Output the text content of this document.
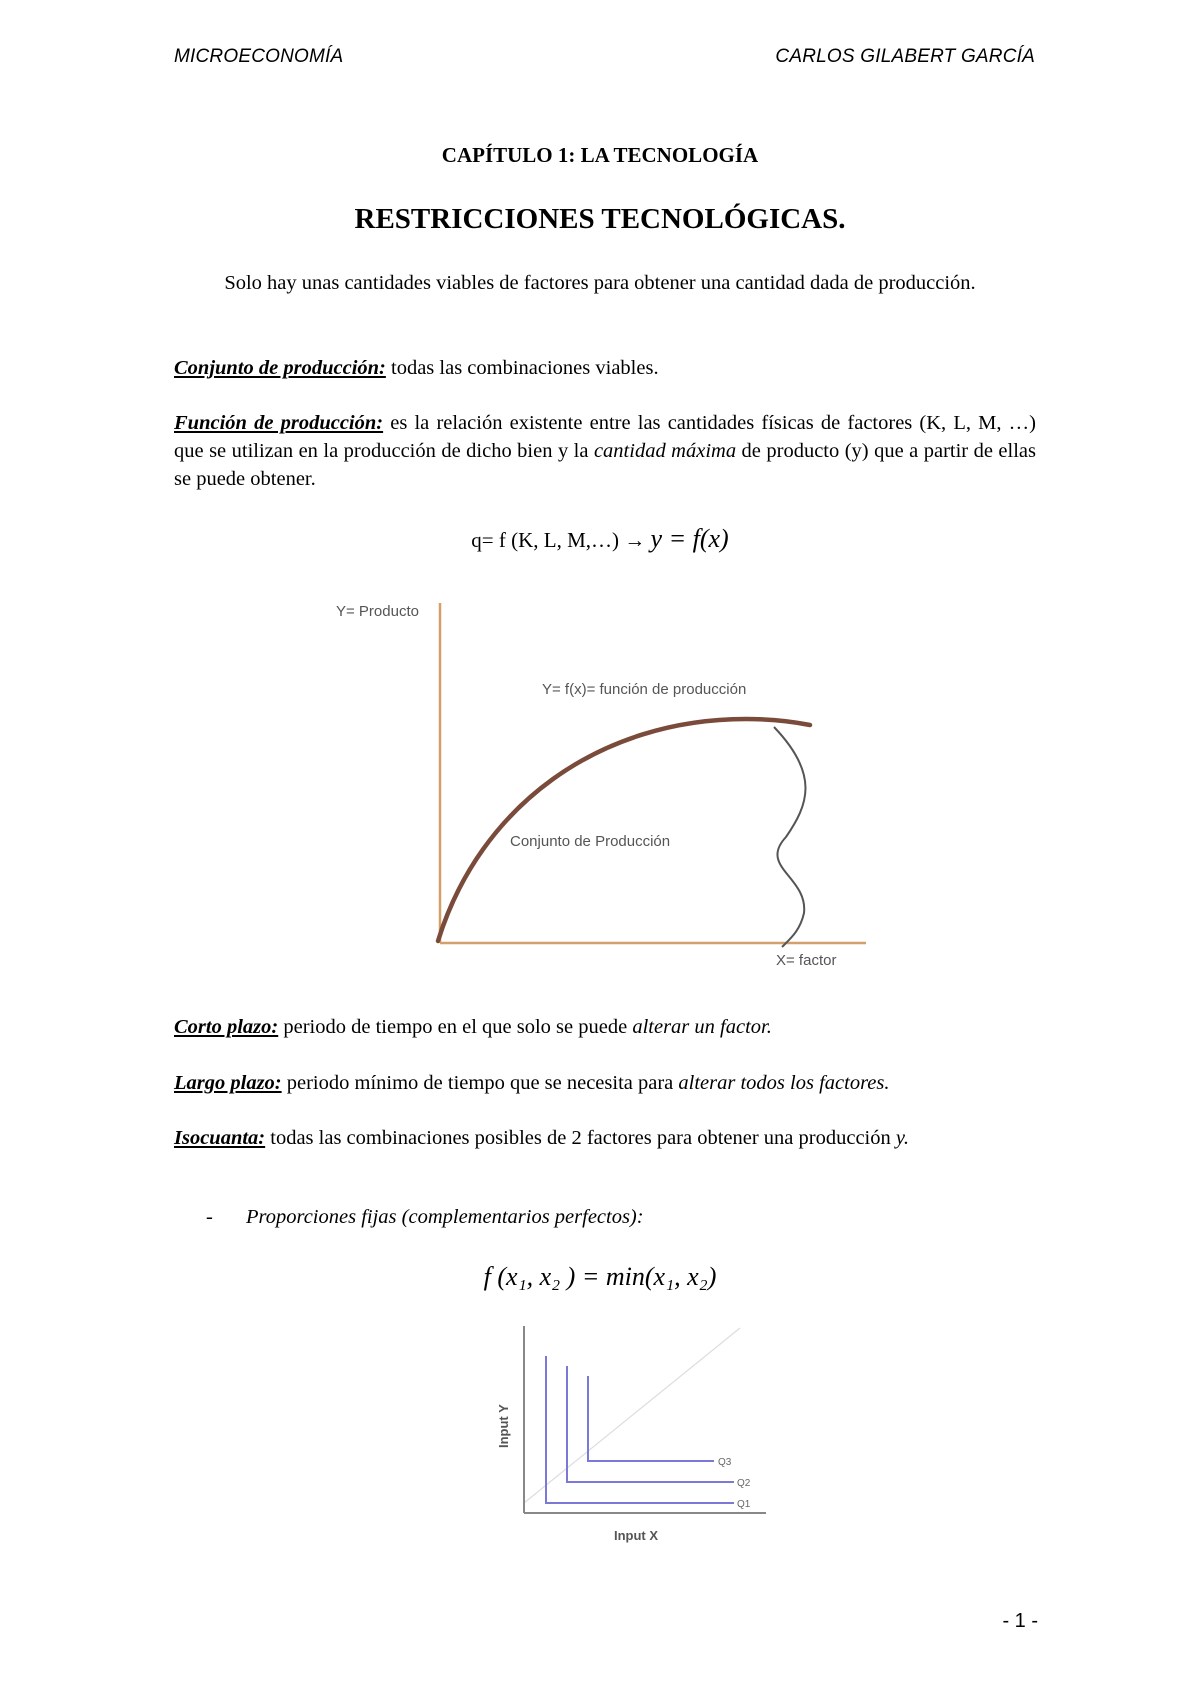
MICROECONOMÍA	CARLOS GILABERT GARCÍA
CAPÍTULO 1: LA TECNOLOGÍA
RESTRICCIONES TECNOLÓGICAS.
Solo hay unas cantidades viables de factores para obtener una cantidad dada de producción.
Conjunto de producción: todas las combinaciones viables.
Función de producción: es la relación existente entre las cantidades físicas de factores (K, L, M, …) que se utilizan en la producción de dicho bien y la cantidad máxima de producto (y) que a partir de ellas se puede obtener.
q= f (K, L, M,…) → y = f(x)
Y= Producto
Y= f(x)= función de producción
Conjunto de Producción
X= factor
Corto plazo: periodo de tiempo en el que solo se puede alterar un factor.
Largo plazo: periodo mínimo de tiempo que se necesita para alterar todos los factores.
Isocuanta: todas las combinaciones posibles de 2 factores para obtener una producción y.
- Proporciones fijas (complementarios perfectos):
f (x₁, x₂ ) = min(x₁, x₂)
Q3
Q2
Q1
Input Y
Input X
- 1 -
